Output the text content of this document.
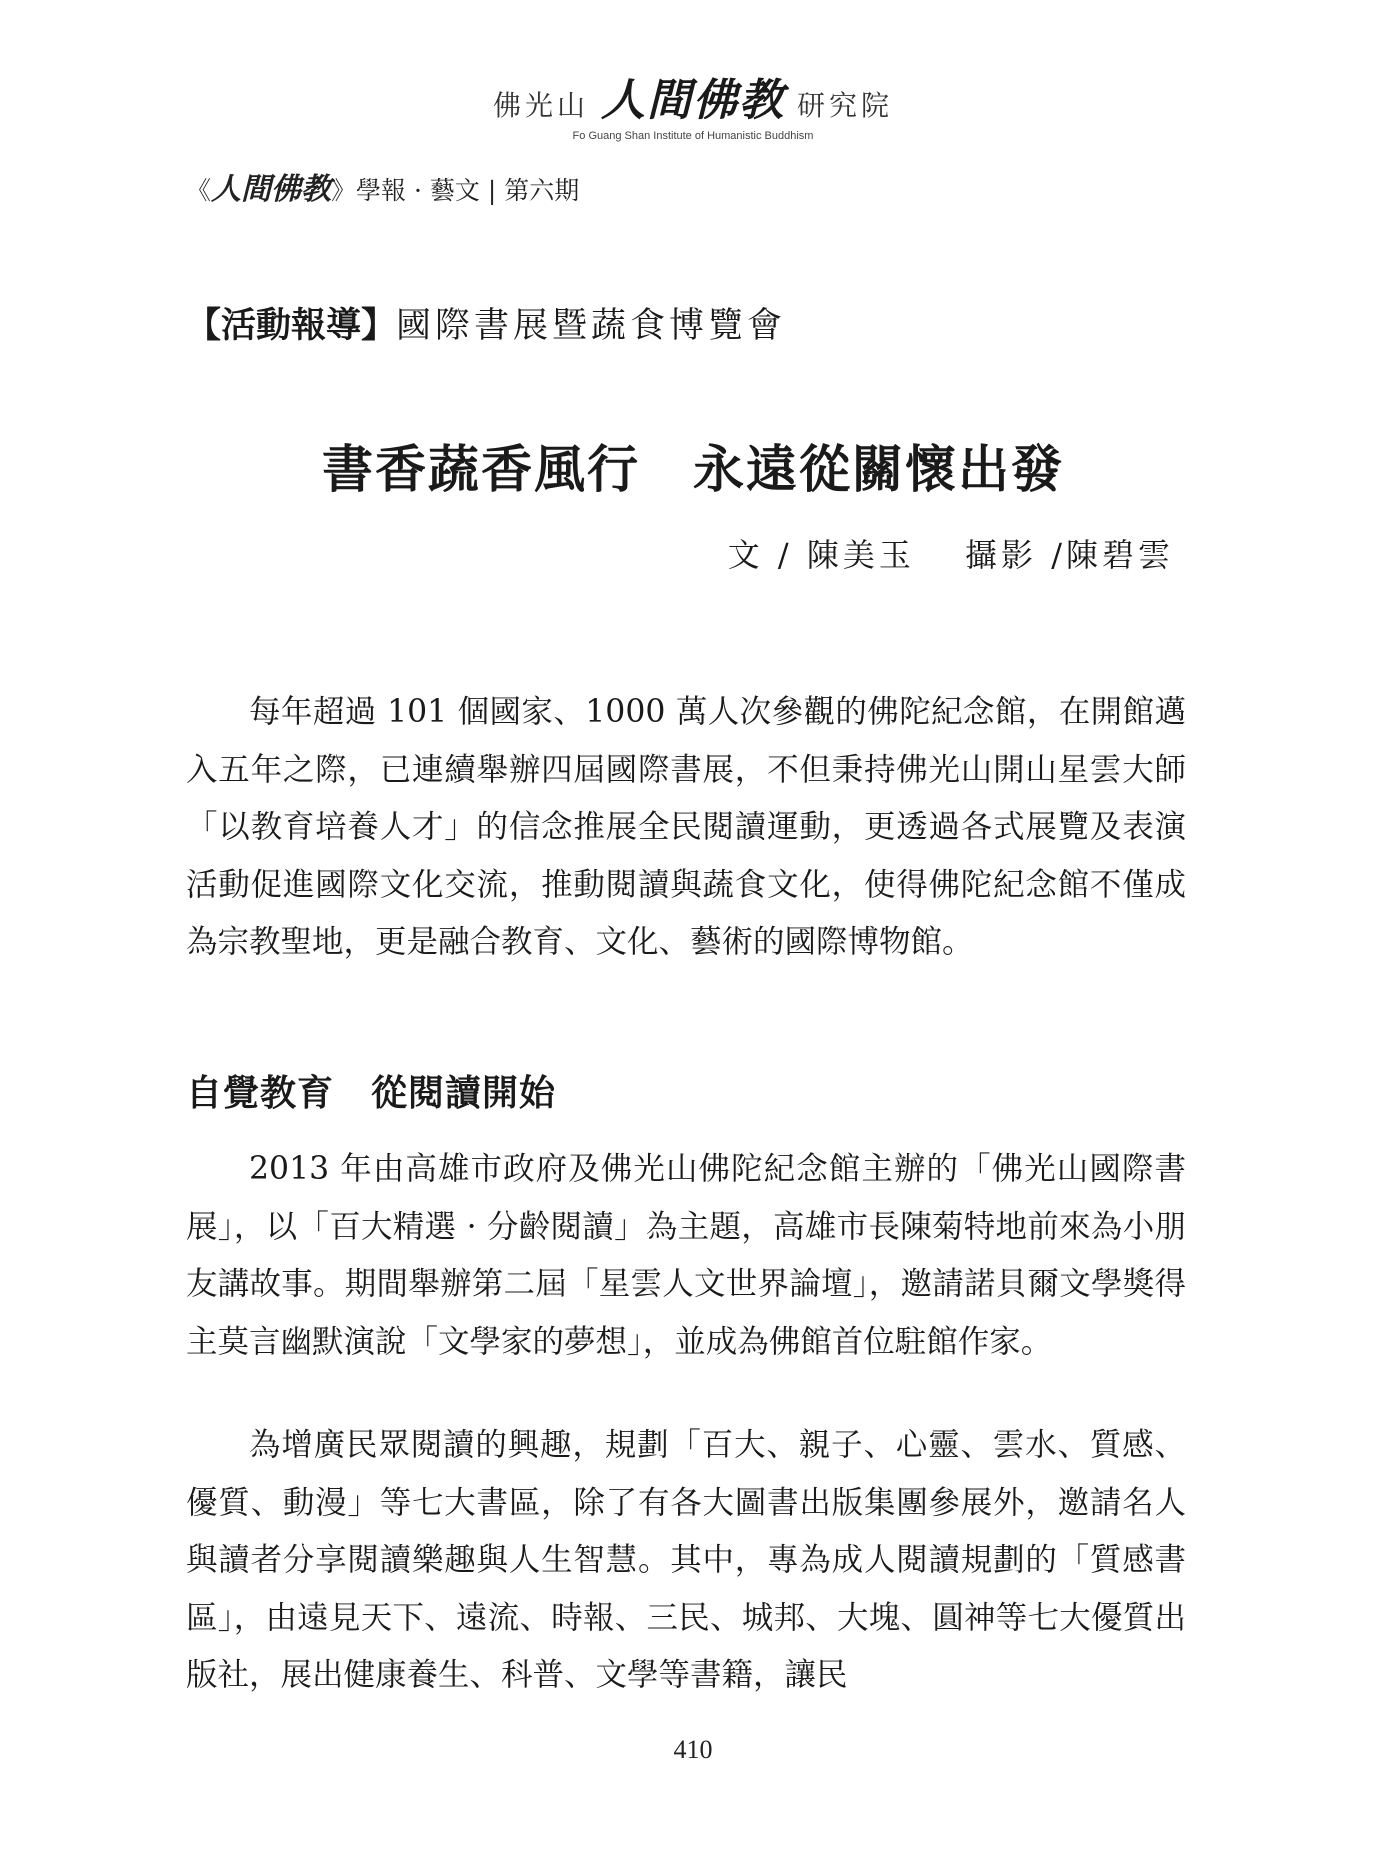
佛光山 人間佛教 研究院
Fo Guang Shan Institute of Humanistic Buddhism
《人間佛教》學報 · 藝文 | 第六期
【活動報導】國際書展暨蔬食博覽會
書香蔬香風行　永遠從關懷出發
文 / 陳美玉　 攝影 /陳碧雲

每年超過 101 個國家、1000 萬人次參觀的佛陀紀念館，在開館邁入五年之際，已連續舉辦四屆國際書展，不但秉持佛光山開山星雲大師「以教育培養人才」的信念推展全民閱讀運動，更透過各式展覽及表演活動促進國際文化交流，推動閱讀與蔬食文化，使得佛陀紀念館不僅成為宗教聖地，更是融合教育、文化、藝術的國際博物館。

自覺教育　從閱讀開始

2013 年由高雄市政府及佛光山佛陀紀念館主辦的「佛光山國際書展」，以「百大精選 · 分齡閱讀」為主題，高雄市長陳菊特地前來為小朋友講故事。期間舉辦第二屆「星雲人文世界論壇」，邀請諾貝爾文學獎得主莫言幽默演說「文學家的夢想」，並成為佛館首位駐館作家。

為增廣民眾閱讀的興趣，規劃「百大、親子、心靈、雲水、質感、優質、動漫」等七大書區，除了有各大圖書出版集團參展外，邀請名人與讀者分享閱讀樂趣與人生智慧。其中，專為成人閱讀規劃的「質感書區」，由遠見天下、遠流、時報、三民、城邦、大塊、圓神等七大優質出版社，展出健康養生、科普、文學等書籍，讓民

410
